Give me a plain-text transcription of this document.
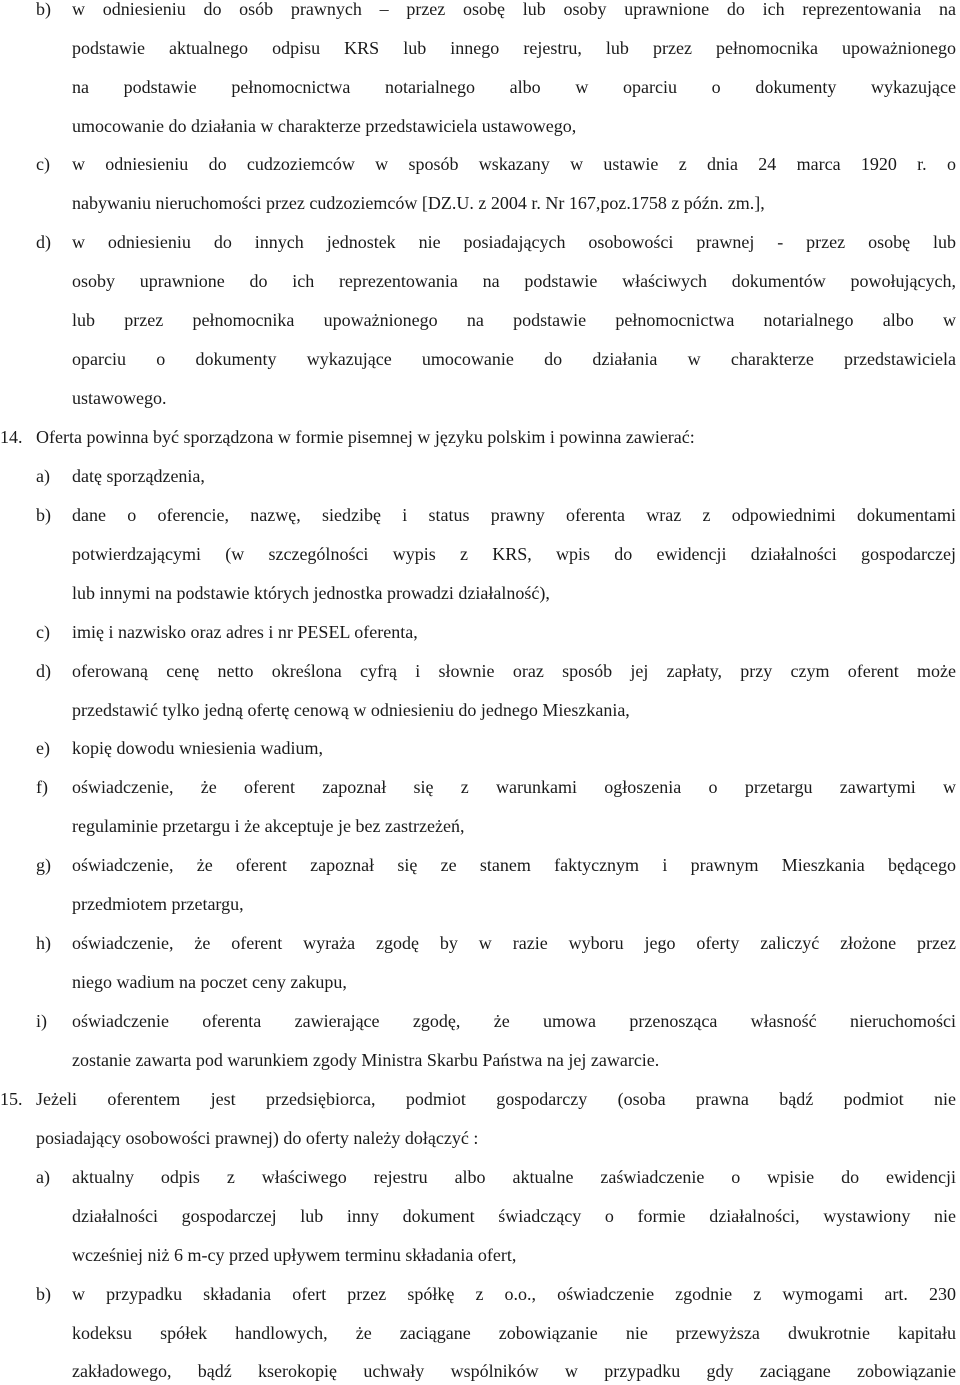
b) w odniesieniu do osób prawnych – przez osobę lub osoby uprawnione do ich reprezentowania na
podstawie aktualnego odpisu KRS lub innego rejestru, lub przez pełnomocnika upoważnionego
na podstawie pełnomocnictwa notarialnego albo w oparciu o dokumenty wykazujące
umocowanie do działania w charakterze przedstawiciela ustawowego,
c) w odniesieniu do cudzoziemców w sposób wskazany w ustawie z dnia 24 marca 1920 r. o
nabywaniu nieruchomości przez cudzoziemców [DZ.U. z 2004 r. Nr 167,poz.1758 z późn. zm.],
d) w odniesieniu do innych jednostek nie posiadających osobowości prawnej - przez osobę lub
osoby uprawnione do ich reprezentowania na podstawie właściwych dokumentów powołujących,
lub przez pełnomocnika upoważnionego na podstawie pełnomocnictwa notarialnego albo w
oparciu o dokumenty wykazujące umocowanie do działania w charakterze przedstawiciela
ustawowego.
14. Oferta powinna być sporządzona w formie pisemnej w języku polskim i powinna zawierać:
a) datę sporządzenia,
b) dane o oferencie, nazwę, siedzibę i status prawny oferenta wraz z odpowiednimi dokumentami
potwierdzającymi (w szczególności wypis z KRS, wpis do ewidencji działalności gospodarczej
lub innymi na podstawie których jednostka prowadzi działalność),
c) imię i nazwisko oraz adres i nr PESEL oferenta,
d) oferowaną cenę netto określona cyfrą i słownie oraz sposób jej zapłaty, przy czym oferent może
przedstawić tylko jedną ofertę cenową w odniesieniu do jednego Mieszkania,
e) kopię dowodu wniesienia wadium,
f) oświadczenie, że oferent zapoznał się z warunkami ogłoszenia o przetargu zawartymi w
regulaminie przetargu i że akceptuje je bez zastrzeżeń,
g) oświadczenie, że oferent zapoznał się ze stanem faktycznym i prawnym Mieszkania będącego
przedmiotem przetargu,
h) oświadczenie, że oferent wyraża zgodę by w razie wyboru jego oferty zaliczyć złożone przez
niego wadium na poczet ceny zakupu,
i) oświadczenie oferenta zawierające zgodę, że umowa przenosząca własność nieruchomości
zostanie zawarta pod warunkiem zgody Ministra Skarbu Państwa na jej zawarcie.
15. Jeżeli oferentem jest przedsiębiorca, podmiot gospodarczy (osoba prawna bądź podmiot nie
posiadający osobowości prawnej) do oferty należy dołączyć :
a) aktualny odpis z właściwego rejestru albo aktualne zaświadczenie o wpisie do ewidencji
działalności gospodarczej lub inny dokument świadczący o formie działalności, wystawiony nie
wcześniej niż 6 m-cy przed upływem terminu składania ofert,
b) w przypadku składania ofert przez spółkę z o.o., oświadczenie zgodnie z wymogami art. 230
kodeksu spółek handlowych, że zaciągane zobowiązanie nie przewyższa dwukrotnie kapitału
zakładowego, bądź kserokopię uchwały wspólników w przypadku gdy zaciągane zobowiązanie
